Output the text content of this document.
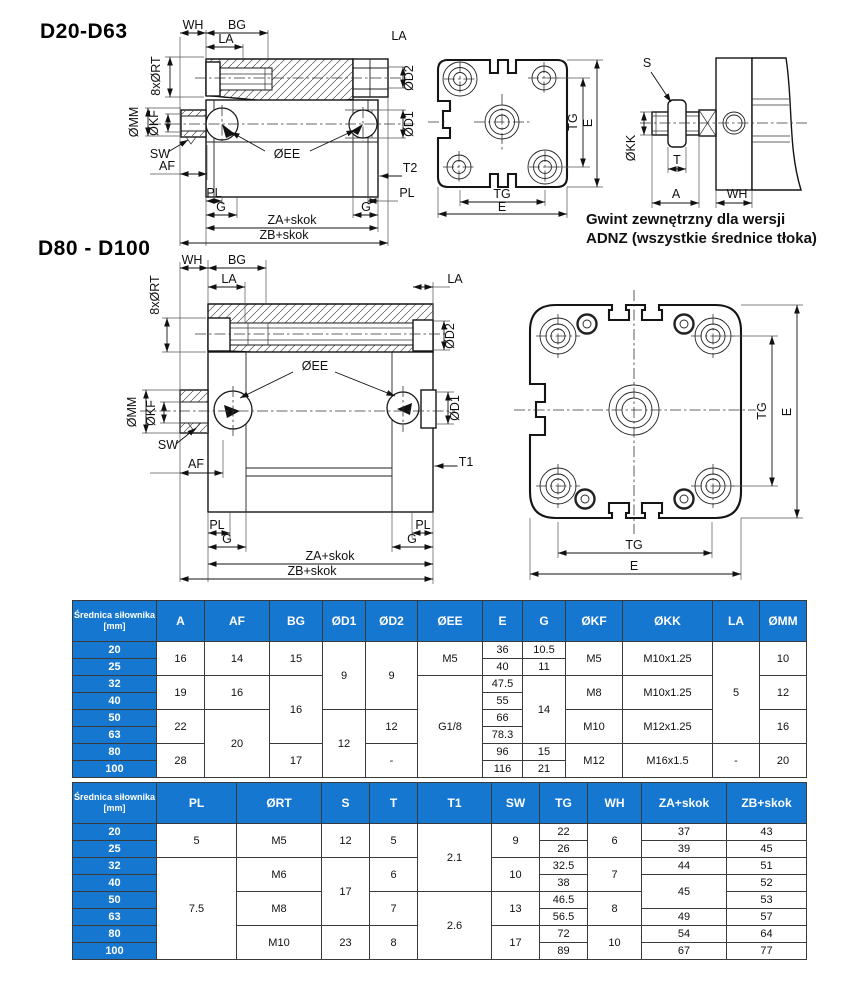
D20-D63
D80 - D100
Gwint zewnętrzny dla wersji
ADNZ (wszystkie średnice tłoka)
WH BG
LA
8xØRT
LA
ØD2
ØD1
ØMM ØKF
SW
AF
ØEE
T2
PL
G
PL
G
ZA+skok
ZB+skok
TG E
TG
E
S
ØKK	T
A	WH
WH BG
LA
8xØRT	LA
ØD2
ØD1
ØMM ØKF
SW
AF
ØEE
T1
PL
G
PL
G
ZA+skok
ZB+skok
TG E
TG
E
Średnica siłownika [mm]	A	AF	BG	ØD1	ØD2	ØEE	E	G	ØKF	ØKK	LA	ØMM
20	16	14	15	9	9	M5	36	10.5	M5	M10x1.25	5	10
25							40	11				
32	19	16	16			G1/8	47.5	14	M8	M10x1.25		12
40							55					
50	22	20		12	12		66		M10	M12x1.25		16
63							78.3					
80	28		17		-		96	15	M12	M16x1.5	-	20
100							116	21				
Średnica siłownika [mm]	PL	ØRT	S	T	T1	SW	TG	WH	ZA+skok	ZB+skok
20	5	M5	12	5	2.1	9	22	6	37	43
25							26		39	45
32	7.5	M6	17	6		10	32.5	7	44	51
40							38		45	52
50		M8		7	2.6	13	46.5	8		53
63							56.5		49	57
80		M10	23	8		17	72	10	54	64
100							89		67	77
